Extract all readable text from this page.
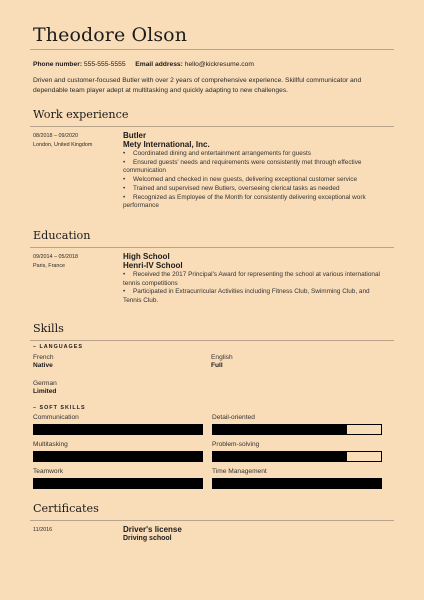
Theodore Olson
Phone number: 555-555-5555 Email address: hello@kickresume.com
Driven and customer-focused Butler with over 2 years of comprehensive experience. Skillful communicator and dependable team player adept at multitasking and quickly adapting to new challenges.
Work experience
08/2018 – 09/2020
London, United Kingdom
Butler
Mety International, Inc.
• Coordinated dining and entertainment arrangements for guests
• Ensured guests' needs and requirements were consistently met through effective
communication
• Welcomed and checked in new guests, delivering exceptional customer service
• Trained and supervised new Butlers, overseeing clerical tasks as needed
• Recognized as Employee of the Month for consistently delivering exceptional work
performance
Education
09/2014 – 05/2018
Paris, France
High School
Henri-IV School
• Received the 2017 Principal's Award for representing the school at various international
tennis competitions
• Participated in Extracurricular Activities including Fitness Club, Swimming Club, and
Tennis Club.
Skills
– LANGUAGES
French
Native
English
Full
German
Limited
– SOFT SKILLS
Communication	Detail-oriented
Multitasking	Problem-solving
Teamwork	Time Management
Certificates
11/2016	Driver's license
Driving school
